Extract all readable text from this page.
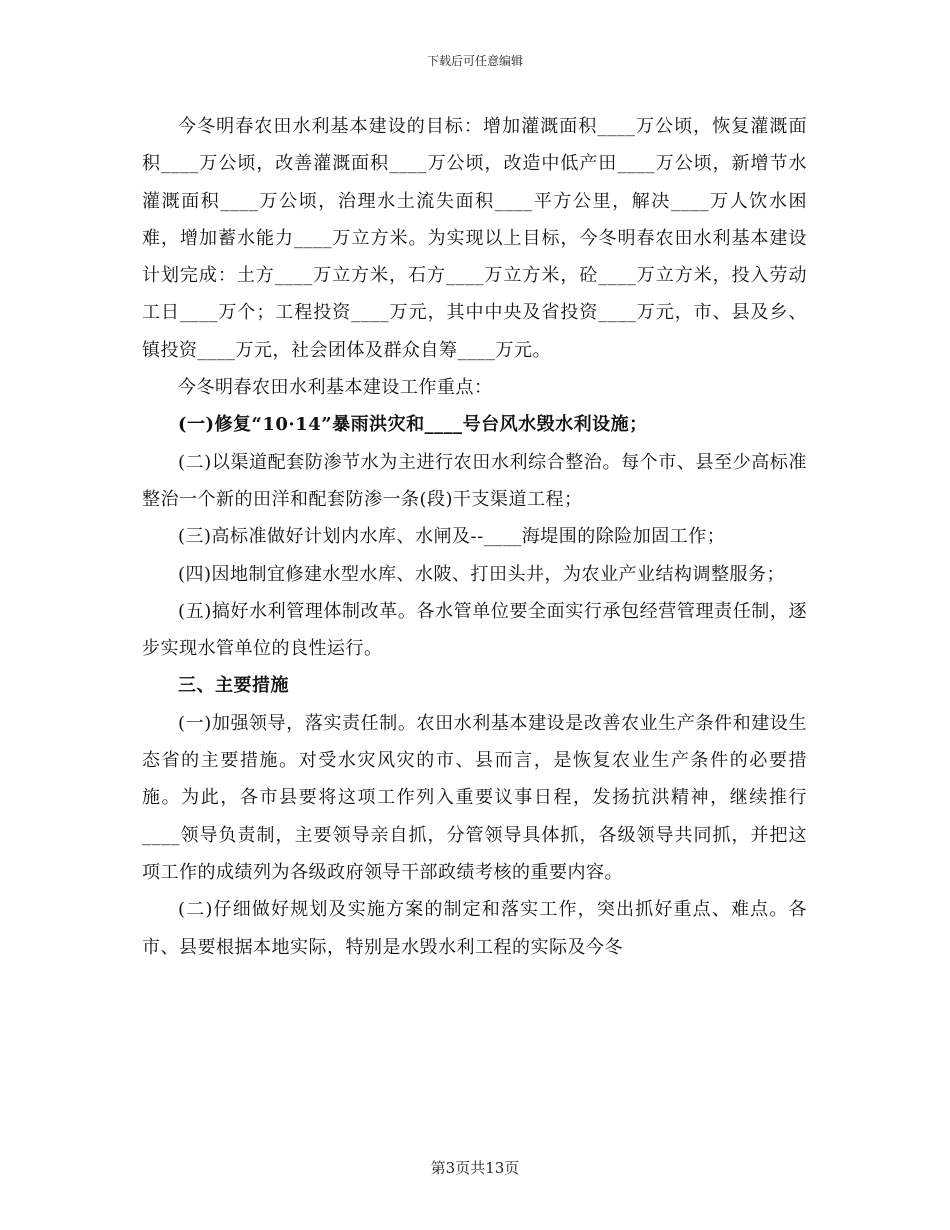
下载后可任意编辑

今冬明春农田水利基本建设的目标：增加灌溉面积____万公顷，恢复灌溉面积____万公顷，改善灌溉面积____万公顷，改造中低产田____万公顷，新增节水灌溉面积____万公顷，治理水土流失面积____平方公里，解决____万人饮水困难，增加蓄水能力____万立方米。为实现以上目标，今冬明春农田水利基本建设计划完成：土方____万立方米，石方____万立方米，砼____万立方米，投入劳动工日____万个；工程投资____万元，其中中央及省投资____万元，市、县及乡、镇投资____万元，社会团体及群众自筹____万元。

今冬明春农田水利基本建设工作重点：

(一)修复“10·14”暴雨洪灾和____号台风水毁水利设施；

(二)以渠道配套防渗节水为主进行农田水利综合整治。每个市、县至少高标准整治一个新的田洋和配套防渗一条(段)干支渠道工程；

(三)高标准做好计划内水库、水闸及--____海堤围的除险加固工作；

(四)因地制宜修建水型水库、水陂、打田头井，为农业产业结构调整服务；

(五)搞好水利管理体制改革。各水管单位要全面实行承包经营管理责任制，逐步实现水管单位的良性运行。

三、主要措施

(一)加强领导，落实责任制。农田水利基本建设是改善农业生产条件和建设生态省的主要措施。对受水灾风灾的市、县而言，是恢复农业生产条件的必要措施。为此，各市县要将这项工作列入重要议事日程，发扬抗洪精神，继续推行____领导负责制，主要领导亲自抓，分管领导具体抓，各级领导共同抓，并把这项工作的成绩列为各级政府领导干部政绩考核的重要内容。

(二)仔细做好规划及实施方案的制定和落实工作，突出抓好重点、难点。各市、县要根据本地实际，特别是水毁水利工程的实际及今冬

第3页共13页
